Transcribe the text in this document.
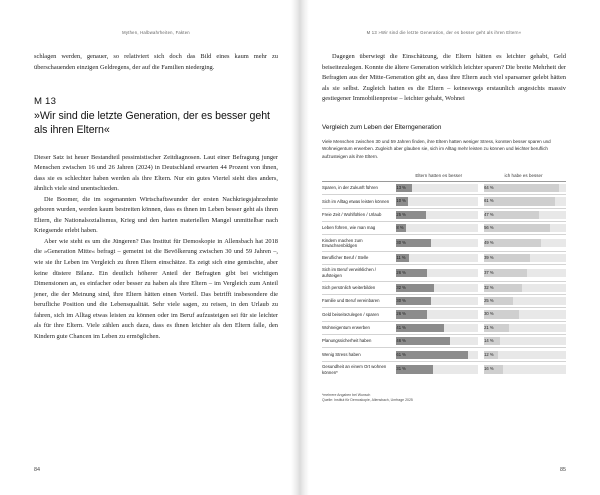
Mythen, Halbwahrheiten, Fakten

schlagen werden, genauer, so relativiert sich doch das Bild eines kaum mehr zu überschauenden einzigen Geldregens, der auf die Familien niederging.

M 13
»Wir sind die letzte Generation, der es besser geht als ihren Eltern«

Dieser Satz ist heuer Bestandteil pessimistischer Zeitdiagnosen. Laut einer Befragung junger Menschen zwischen 16 und 26 Jahren (2024) in Deutschland erwarten 44 Prozent von ihnen, dass sie es schlechter haben werden als ihre Eltern. Nur ein gutes Viertel sieht dies anders, ähnlich viele sind unentschieden.

Die Boomer, die im sogenannten Wirtschaftswunder der ersten Nachkriegsjahrzehnte geboren wurden, werden kaum bestreiten können, dass es ihnen im Leben besser geht als ihren Eltern, die Nationalsozialismus, Krieg und den harten materiellen Mangel unmittelbar nach Kriegsende erlebt haben.

Aber wie steht es um die Jüngeren? Das Institut für Demoskopie in Allensbach hat 2018 die »Generation Mitte« befragt – gemeint ist die Bevölkerung zwischen 30 und 59 Jahren –, wie sie ihr Leben im Vergleich zu ihren Eltern einschätze. Es zeigt sich eine gemischte, aber keine düstere Bilanz. Ein deutlich höherer Anteil der Befragten gibt bei wichtigen Dimensionen an, es einfacher oder besser zu haben als ihre Eltern – im Vergleich zum Anteil jener, die der Meinung sind, ihre Eltern hätten einen Vorteil. Das betrifft insbesondere die berufliche Position und die Lebensqualität. Sehr viele sagen, zu reisen, in den Urlaub zu fahren, sich im Alltag etwas leisten zu können oder im Beruf aufzusteigen sei für sie leichter als für ihre Eltern. Viele zählen auch dazu, dass es ihnen leichter als den Eltern falle, den Kindern gute Chancen im Leben zu ermöglichen.

84
M 13 »Wir sind die letzte Generation, der es besser geht als ihren Eltern«

Dagegen überwiegt die Einschätzung, die Eltern hätten es leichter gehabt, Geld beiseitezulegen. Konnte die ältere Generation wirklich leichter sparen? Die breite Mehrheit der Befragten aus der Mitte-Generation gibt an, dass ihre Eltern auch viel sparsamer gelebt hätten als sie selbst. Zugleich hatten es die Eltern – keineswegs erstaunlich angesichts massiv gestiegener Immobilienpreise – leichter gehabt, Wohnei

Vergleich zum Leben der Elterngeneration
Viele Menschen zwischen 30 und 59 Jahren finden, ihre Eltern hatten weniger Stress, konnten besser sparen und Wohneigentum erwerben. Zugleich aber glauben sie, sich im Alltag mehr leisten zu können und leichter beruflich aufzusteigen als ihre Eltern.
	Eltern hatten es besser	ich habe es besser
Sparen, in der Zukunft führen	13 %	64 %

Sich im Alltag etwas leisten können	10 %	61 %

Freie Zeit / Wohlfühlen / Urlaub	25 %	47 %

Leben führen, wie man mag	8 %	56 %

Kindern machen zum Erwachsenbildgen	30 %	49 %

Beruflicher Beruf / Stelle	11 %	39 %

Sich im Beruf verwirklichen / aufsteigen	26 %	37 %

Sich persönlich weiterbilden	32 %	32 %

Familie und Beruf vereinbaren	30 %	25 %

Geld beiseitezulegen / sparen	26 %	30 %

Wohneigentum erwerben	41 %	21 %

Planungssicherheit haben	46 %	14 %

Wenig Stress haben	61 %	12 %

Gesundheit an einem Ort wohnen können*	31 %	16 %
*mehrere Angaben bei Wunsch
Quelle: Institut für Demoskopie, Allensbach, Umfrage 2025
85
